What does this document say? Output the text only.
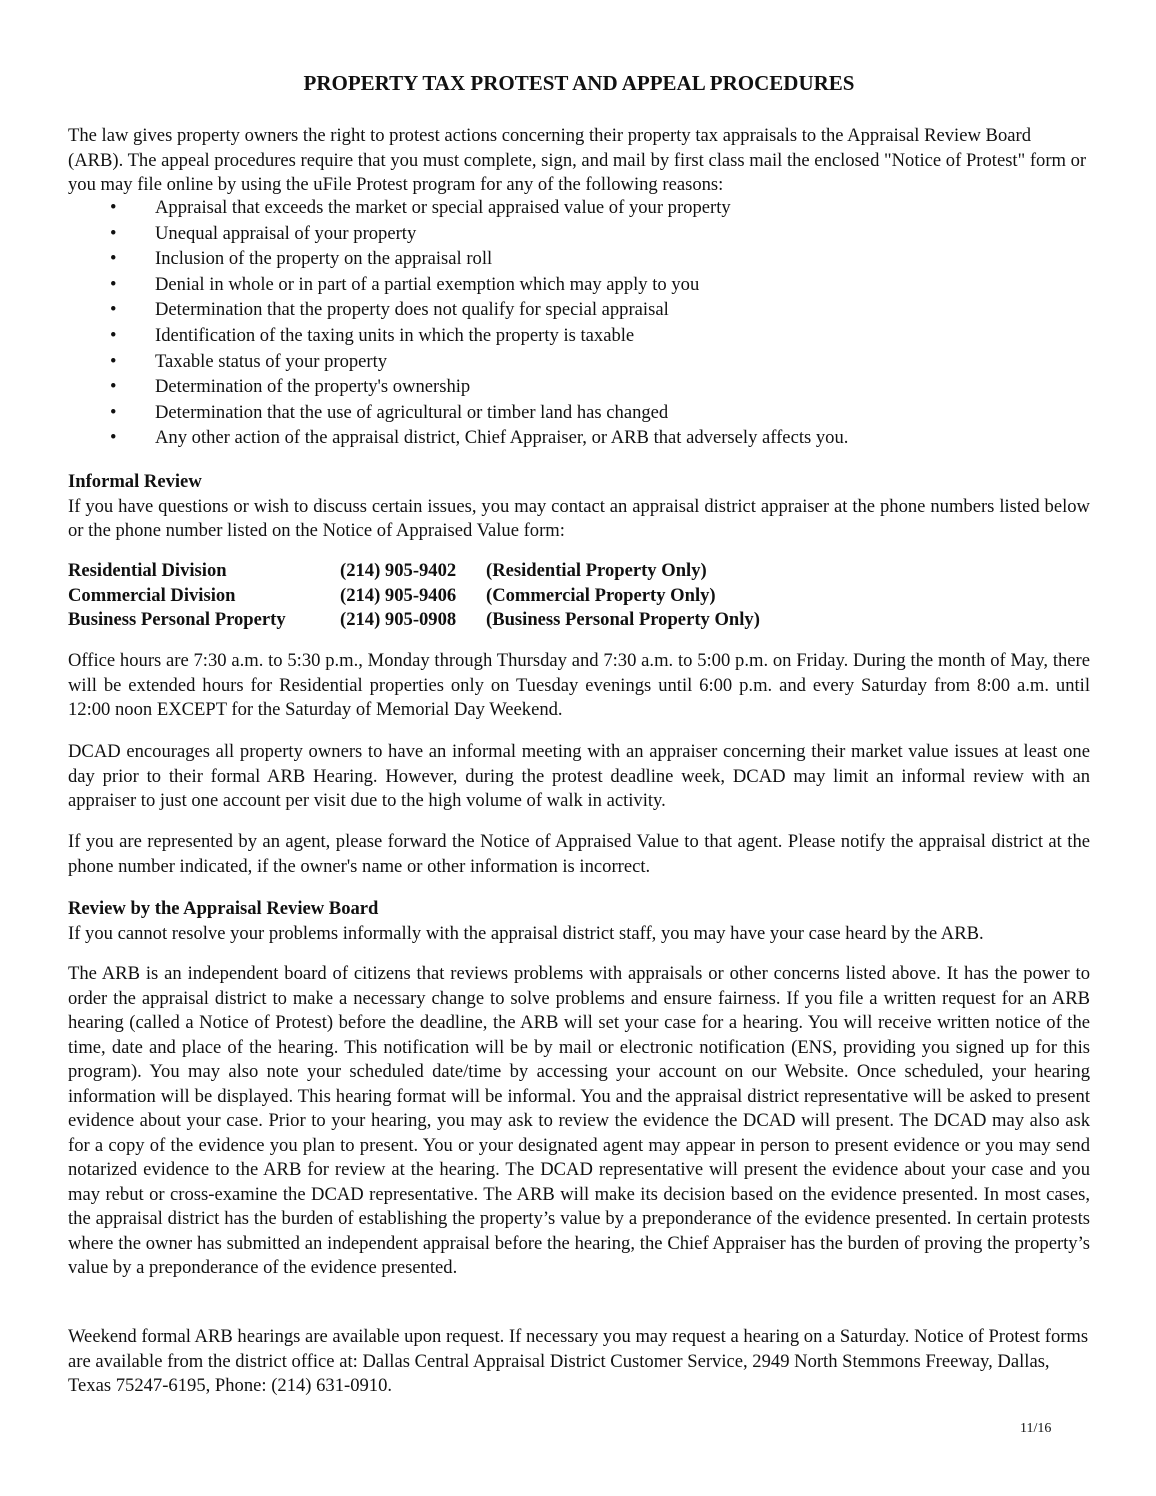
PROPERTY TAX PROTEST AND APPEAL PROCEDURES

The law gives property owners the right to protest actions concerning their property tax appraisals to the Appraisal Review Board (ARB). The appeal procedures require that you must complete, sign, and mail by first class mail the enclosed "Notice of Protest" form or you may file online by using the uFile Protest program for any of the following reasons:

• Appraisal that exceeds the market or special appraised value of your property
• Unequal appraisal of your property
• Inclusion of the property on the appraisal roll
• Denial in whole or in part of a partial exemption which may apply to you
• Determination that the property does not qualify for special appraisal
• Identification of the taxing units in which the property is taxable
• Taxable status of your property
• Determination of the property's ownership
• Determination that the use of agricultural or timber land has changed
• Any other action of the appraisal district, Chief Appraiser, or ARB that adversely affects you.
Informal Review
If you have questions or wish to discuss certain issues, you may contact an appraisal district appraiser at the phone numbers listed below or the phone number listed on the Notice of Appraised Value form:
Residential Division	(214) 905-9402	(Residential Property Only)
Commercial Division	(214) 905-9406	(Commercial Property Only)
Business Personal Property	(214) 905-0908	(Business Personal Property Only)

Office hours are 7:30 a.m. to 5:30 p.m., Monday through Thursday and 7:30 a.m. to 5:00 p.m. on Friday. During the month of May, there will be extended hours for Residential properties only on Tuesday evenings until 6:00 p.m. and every Saturday from 8:00 a.m. until 12:00 noon EXCEPT for the Saturday of Memorial Day Weekend.

DCAD encourages all property owners to have an informal meeting with an appraiser concerning their market value issues at least one day prior to their formal ARB Hearing. However, during the protest deadline week, DCAD may limit an informal review with an appraiser to just one account per visit due to the high volume of walk in activity.

If you are represented by an agent, please forward the Notice of Appraised Value to that agent. Please notify the appraisal district at the phone number indicated, if the owner's name or other information is incorrect.

Review by the Appraisal Review Board
If you cannot resolve your problems informally with the appraisal district staff, you may have your case heard by the ARB.

The ARB is an independent board of citizens that reviews problems with appraisals or other concerns listed above. It has the power to order the appraisal district to make a necessary change to solve problems and ensure fairness. If you file a written request for an ARB hearing (called a Notice of Protest) before the deadline, the ARB will set your case for a hearing. You will receive written notice of the time, date and place of the hearing. This notification will be by mail or electronic notification (ENS, providing you signed up for this program). You may also note your scheduled date/time by accessing your account on our Website. Once scheduled, your hearing information will be displayed. This hearing format will be informal. You and the appraisal district representative will be asked to present evidence about your case. Prior to your hearing, you may ask to review the evidence the DCAD will present. The DCAD may also ask for a copy of the evidence you plan to present. You or your designated agent may appear in person to present evidence or you may send notarized evidence to the ARB for review at the hearing. The DCAD representative will present the evidence about your case and you may rebut or cross-examine the DCAD representative. The ARB will make its decision based on the evidence presented. In most cases, the appraisal district has the burden of establishing the property’s value by a preponderance of the evidence presented. In certain protests where the owner has submitted an independent appraisal before the hearing, the Chief Appraiser has the burden of proving the property’s value by a preponderance of the evidence presented.

Weekend formal ARB hearings are available upon request. If necessary you may request a hearing on a Saturday. Notice of Protest forms are available from the district office at: Dallas Central Appraisal District Customer Service, 2949 North Stemmons Freeway, Dallas, Texas 75247-6195, Phone: (214) 631-0910.

11/16
